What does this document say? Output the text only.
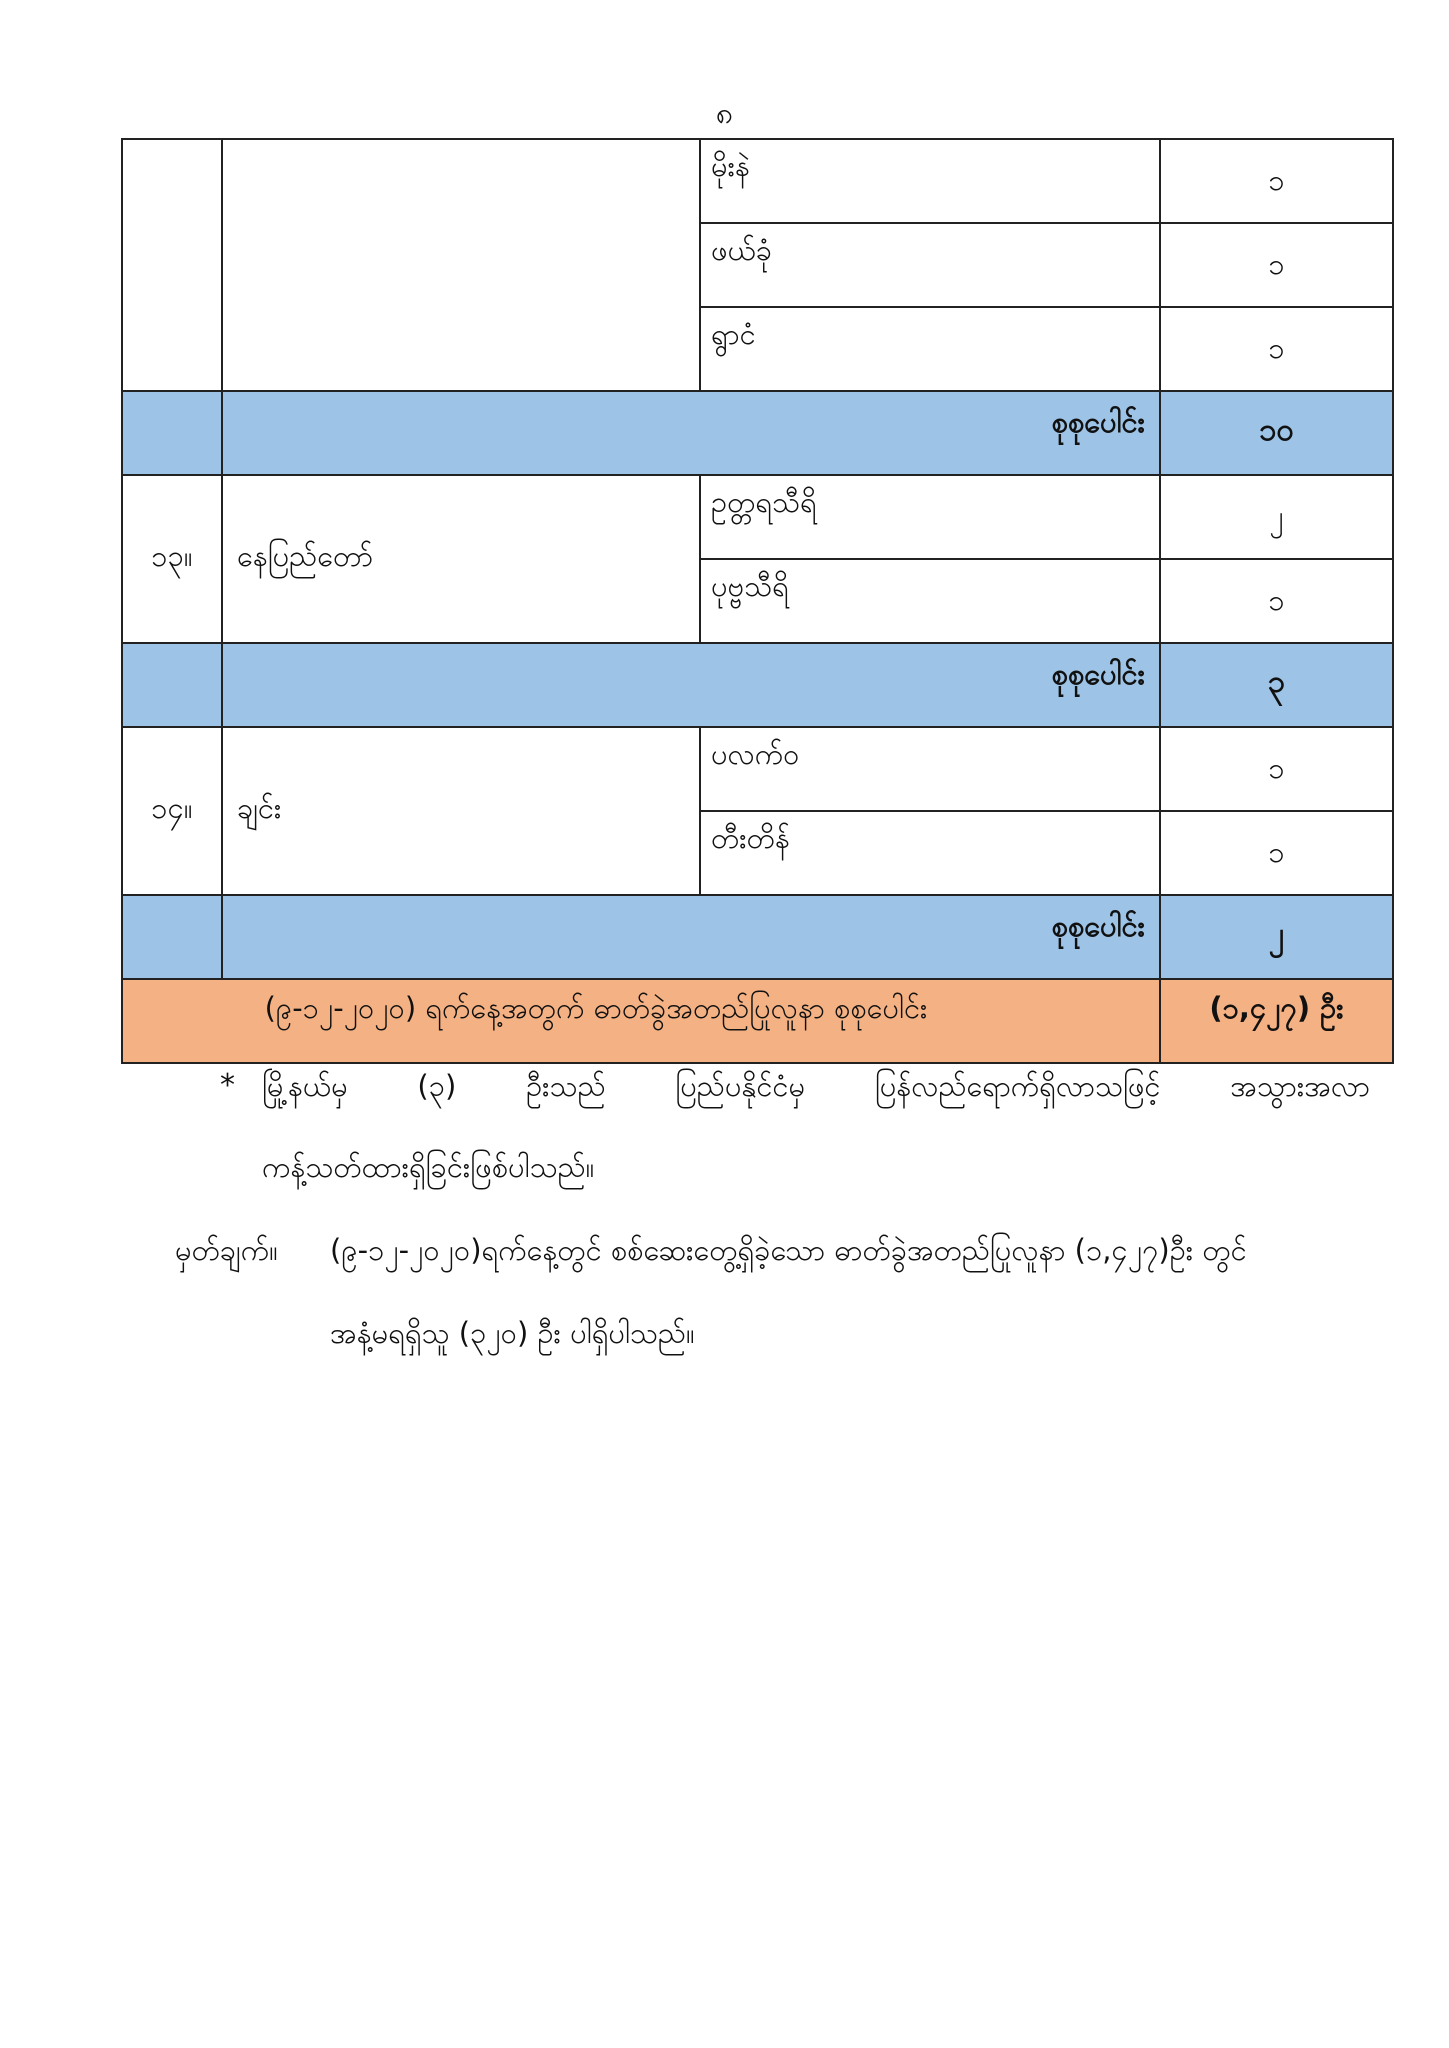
၈
		မိုးနဲ	၁
		ဖယ်ခုံ	၁
		ရွာငံ	၁
	စုစုပေါင်း		၁၀
၁၃။	နေပြည်တော်	ဥတ္တရသီရိ	၂
		ပုဗ္ဗသီရိ	၁
	စုစုပေါင်း		၃
၁၄။	ချင်း	ပလက်ဝ	၁
		တီးတိန်	၁
	စုစုပေါင်း		၂
(၉-၁၂-၂၀၂၀) ရက်နေ့အတွက် ဓာတ်ခွဲအတည်ပြုလူနာ စုစုပေါင်း			(၁,၄၂၇) ဦး
* မြို့နယ်မှ (၃) ဦးသည် ပြည်ပနိုင်ငံမှ ပြန်လည်ရောက်ရှိလာသဖြင့် အသွားအလာ
ကန့်သတ်ထားရှိခြင်းဖြစ်ပါသည်။
မှတ်ချက်။ (၉-၁၂-၂၀၂၀)ရက်နေ့တွင် စစ်ဆေးတွေ့ရှိခဲ့သော ဓာတ်ခွဲအတည်ပြုလူနာ (၁,၄၂၇)ဦး တွင်
အနံ့မရရှိသူ (၃၂၀) ဦး ပါရှိပါသည်။
